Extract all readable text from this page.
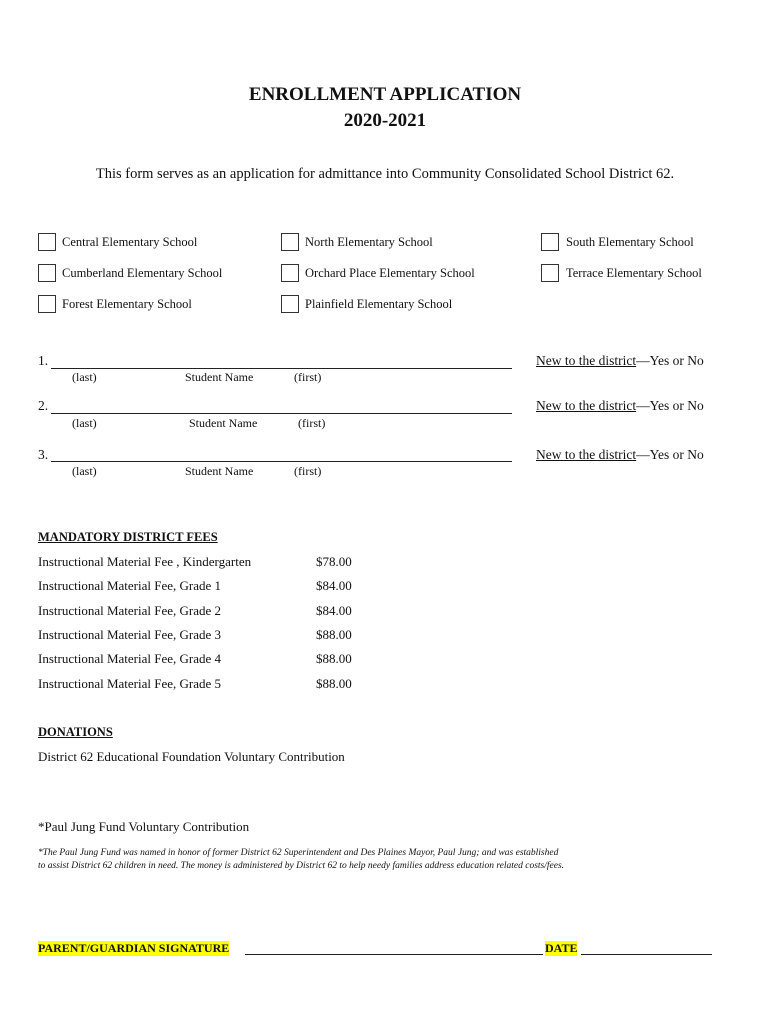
ENROLLMENT APPLICATION
2020-2021
This form serves as an application for admittance into Community Consolidated School District 62.
Central Elementary School	North Elementary School	South Elementary School
Cumberland Elementary School	Orchard Place Elementary School	Terrace Elementary School
Forest Elementary School	Plainfield Elementary School
1.
(last)	Student Name	(first)
New to the district—Yes or No
2.
(last)	Student Name	(first)
New to the district—Yes or No
3.
(last)	Student Name	(first)
New to the district—Yes or No
MANDATORY DISTRICT FEES
Instructional Material Fee , Kindergarten	$78.00
Instructional Material Fee, Grade 1	$84.00
Instructional Material Fee, Grade 2	$84.00
Instructional Material Fee, Grade 3	$88.00
Instructional Material Fee, Grade 4	$88.00
Instructional Material Fee, Grade 5	$88.00
DONATIONS
District 62 Educational Foundation Voluntary Contribution
*Paul Jung Fund Voluntary Contribution
*The Paul Jung Fund was named in honor of former District 62 Superintendent and Des Plaines Mayor, Paul Jung; and was established
to assist District 62 children in need. The money is administered by District 62 to help needy families address education related costs/fees.
PARENT/GUARDIAN SIGNATURE	DATE
